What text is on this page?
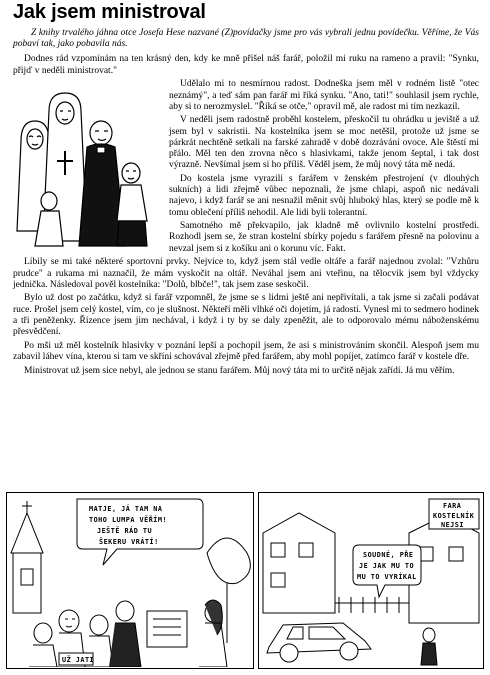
Jak jsem ministroval

Z knihy trvalého jáhna otce Josefa Hese nazvané (Z)povídačky jsme pro vás vybrali jednu povídečku. Věříme, že Vás pobaví tak, jako pobavila nás.

Dodnes rád vzpomínám na ten krásný den, kdy ke mně přišel náš farář, položil mi ruku na rameno a pravil: "Synku, přijď v neděli ministrovat."

Udělalo mi to nesmírnou radost. Dodneška jsem měl v rodném listě "otec neznámý", a teď sám pan farář mi říká synku. "Ano, tati!" souhlasil jsem rychle, aby si to nerozmyslel. "Říká se otče," opravil mě, ale radost mi tím nezkazil.

V neděli jsem radostně proběhl kostelem, přeskočil tu ohrádku u jeviště a už jsem byl v sakristii. Na kostelníka jsem se moc netěšil, protože už jsme se párkrát nechtěně setkali na farské zahradě v době dozrávání ovoce. Ale štěstí mi přálo. Měl ten den zrovna něco s hlasivkami, takže jenom šeptal, i tak dost výrazně. Nevšímal jsem si ho příliš. Věděl jsem, že můj nový táta mě nedá.

Do kostela jsme vyrazili s farářem v ženském přestrojení (v dlouhých sukních) a lidi zřejmě vůbec nepoznali, že jsme chlapi, aspoň nic nedávali najevo, i když farář se ani nesnažil měnit svůj hluboký hlas, který se podle mě k tomu oblečení příliš nehodil. Ale lidi byli tolerantní.

Samotného mě překvapilo, jak kladně mě ovlivnilo kostelní prostředí. Rozhodl jsem se, že stran kostelní sbírky pojedu s farářem přesně na polovinu a nevzal jsem si z košíku ani o korunu víc. Fakt.

Líbily se mi také některé sportovní prvky. Nejvíce to, když jsem stál vedle oltáře a farář najednou zvolal: "Vzhůru prudce" a rukama mi naznačil, že mám vyskočit na oltář. Neváhal jsem ani vteřinu, na tělocvik jsem byl vždycky jednička. Následoval pověl kostelníka: "Dolů, blbče!", tak jsem zase seskočil.

Bylo už dost po začátku, když si farář vzpomněl, že jsme se s lidmi ještě ani nepřivítali, a tak jsme si začali podávat ruce. Prošel jsem celý kostel, vím, co je slušnost. Někteří měli vlhké oči dojetím, já radostí. Vynesl mi to sedmero hodinek a tři peněženky. Řízence jsem jim nechával, i když i ty by se daly zpeněžit, ale to odporovalo mému náboženskému přesvědčení.

Po mši už měl kostelník hlasivky v poznání lepší a pochopil jsem, že asi s ministrováním skončil. Alespoň jsem mu zabavil láhev vína, kterou si tam ve skříni schovával zřejmě před farářem, aby mohl popíjet, zatímco farář v kostele dře.

Ministrovat už jsem sice nebyl, ale jednou se stanu farářem. Můj nový táta mi to určitě nějak zařídí. Já mu věřím.

MATJE, JÁ TAM NA
TOHO LUMPA VĚŘÍM!
JEŠTĚ RÁD TU
ŠEKERU VRÁTÍ!
UŽ JATI
SOUDNÉ, PŘE
JE JAK MU TO
MU TO VYRÍKAL
FARA
KOSTELNÍK
NEJSI
